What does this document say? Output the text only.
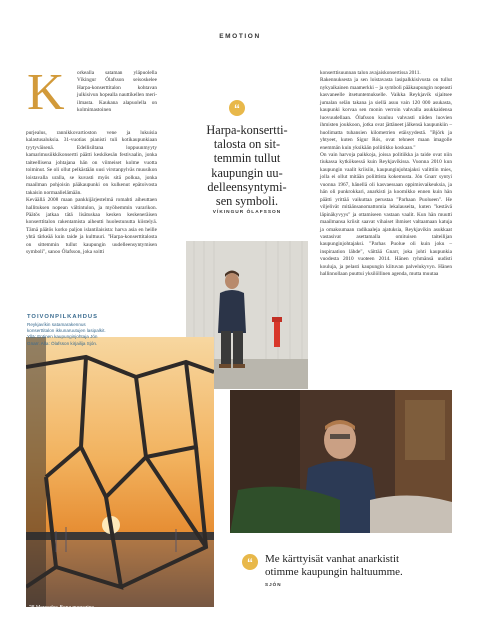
EMOTION
K orkealla sataman yläpuolella Víkingur Ólafsson seisoskelee Harpa-konserttitalon kohtavan julkisivun hopealla nauttikellen meri-ilmasta. Kaukana alapuolella on kolmimastoinen

purjealus, rannikkovartioston vene ja lukuisia kalastusaluksia. 31-vuotias pianisti tuli kotikaupunkiaan tyytyväisenä. Edellisiltana loppuunmyyty kamarimusiikkikonsertti päätti keskikesän festivaalin, jonka taiteellisena johtajana hän on viimeiset kolme vuotta toiminut. Se oli ollut pelkästään uusi virstanpylväs muusikon loistavalla uralla, se kuvasti myös sitä polkua, jonka maailman pohjoisin pääkaupunki on kulkenut epätoivosta takaisin normaalielämään.
Keväällä 2008 maan pankkijärjestelmä romahti aiheuttaen hallituksen nopean vältintulon, ja myöhemmin vararikon. Päätös jatkaa tätä lisätuskaa kesken keskeneräisen konserttitalon rakentamista aiheutti huolestunutta kiistelyä. Tämä päätös korko paljon islantilaisista: harva asia en heille yhtä tärkeää kuin taide ja kulttuuri. "Harpa-konserttitalosta on sittemmin tullut kaupungin uudelleensyntymisen symboli", sanoo Ólafsson, joka soitti

“
Harpa-konsertti-
talosta on sit-
temmin tullut
kaupungin uu-
delleensyntymi-
sen symboli.
VÍKINGUR ÓLAFSSON

konserttisuunnan talon avajaiskonsertissa 2011.
Rakennuksesta ja sen loistavasta lasipalkkisivusta on tullut nykyaikainen maamerkki – ja symboli pääkaupungin nopeasti kasvaneelle itsetuntemukselle. Vaikka Reykjavík sijaitsee jumalan selän takana ja siellä asuu vain 120 000 asukasta, kaupunki korvaa sen monin verroin vahvalla asukkaidensa luovuudellaan. Ólafsson kuuluu vahvasti niiden luovien ihmisten joukkoon, jotka ovat jättäneet jälkensä kaupunkiin – huolimatta tuhansien kilometrien etäisyydestä. "Björk ja yhtyeet, kuten Sigur Rós, ovat tehneet maan imagolle enemmän kuin yksikään poliitikko koskaan."
On vain harvoja paikkoja, joissa politiikka ja taide ovat niin tiukassa kytköksessä kuin Reykjavíkissa. Vuonna 2010 kun kaupungin vaalit kriisiin, kaupunginjohtajaksi valittiin mies, jolla ei ollut mitään poliittista kokemusta. Jón Gnarr syntyi vuonna 1967, hänellä oli kasvaessaan oppimisvaikeuksia, ja hän oli punkrokkari, anarkisti ja koomikko ennen kuin hän päätti yrittää vaikuttaa perustaa "Parhaan Puolueen". He viljelivät mitäänsanomattomia lekalauseita, kuten "kestävä läpinäkyvyys" ja ottamiseen vastaan vaalit. Kun hän muutti maailmansa kriisit saavat vihaiset ihmiset valtaamaan katuja ja omaksumaan radikaaleja ajatuksia, Reykjavíkin asukkaat vastasivat asettamalla omituisen taiteilijan kaupunginjohtajaksi. "Parhas Puolue oli kuin joku – inspiraation lähde", väittää Gnarr, joka johti kaupunkia vuodesta 2010 vuoteen 2014. Hänen ryhmänsä uudisti kouluja, ja pelasti kaupungin kiituvan palvelukyvyn. Hänen hallinnollaan puuttui yksilöllinen agenda, mutta muutaa

TOIVONPILKAHDUS
Reykjavíkin satamarakennus konserttitalon ikkunaruutujen lasipalkit. Yllä: Entinen kaupunginjohtaja Jón Gnarr. Alla: Ólafsson kirjailija Sjón.
“	Me kärttyisät vanhat anarkistit
otimme kaupungin haltuumme.
SJÓN
28 Mercedes-Benz magazine
